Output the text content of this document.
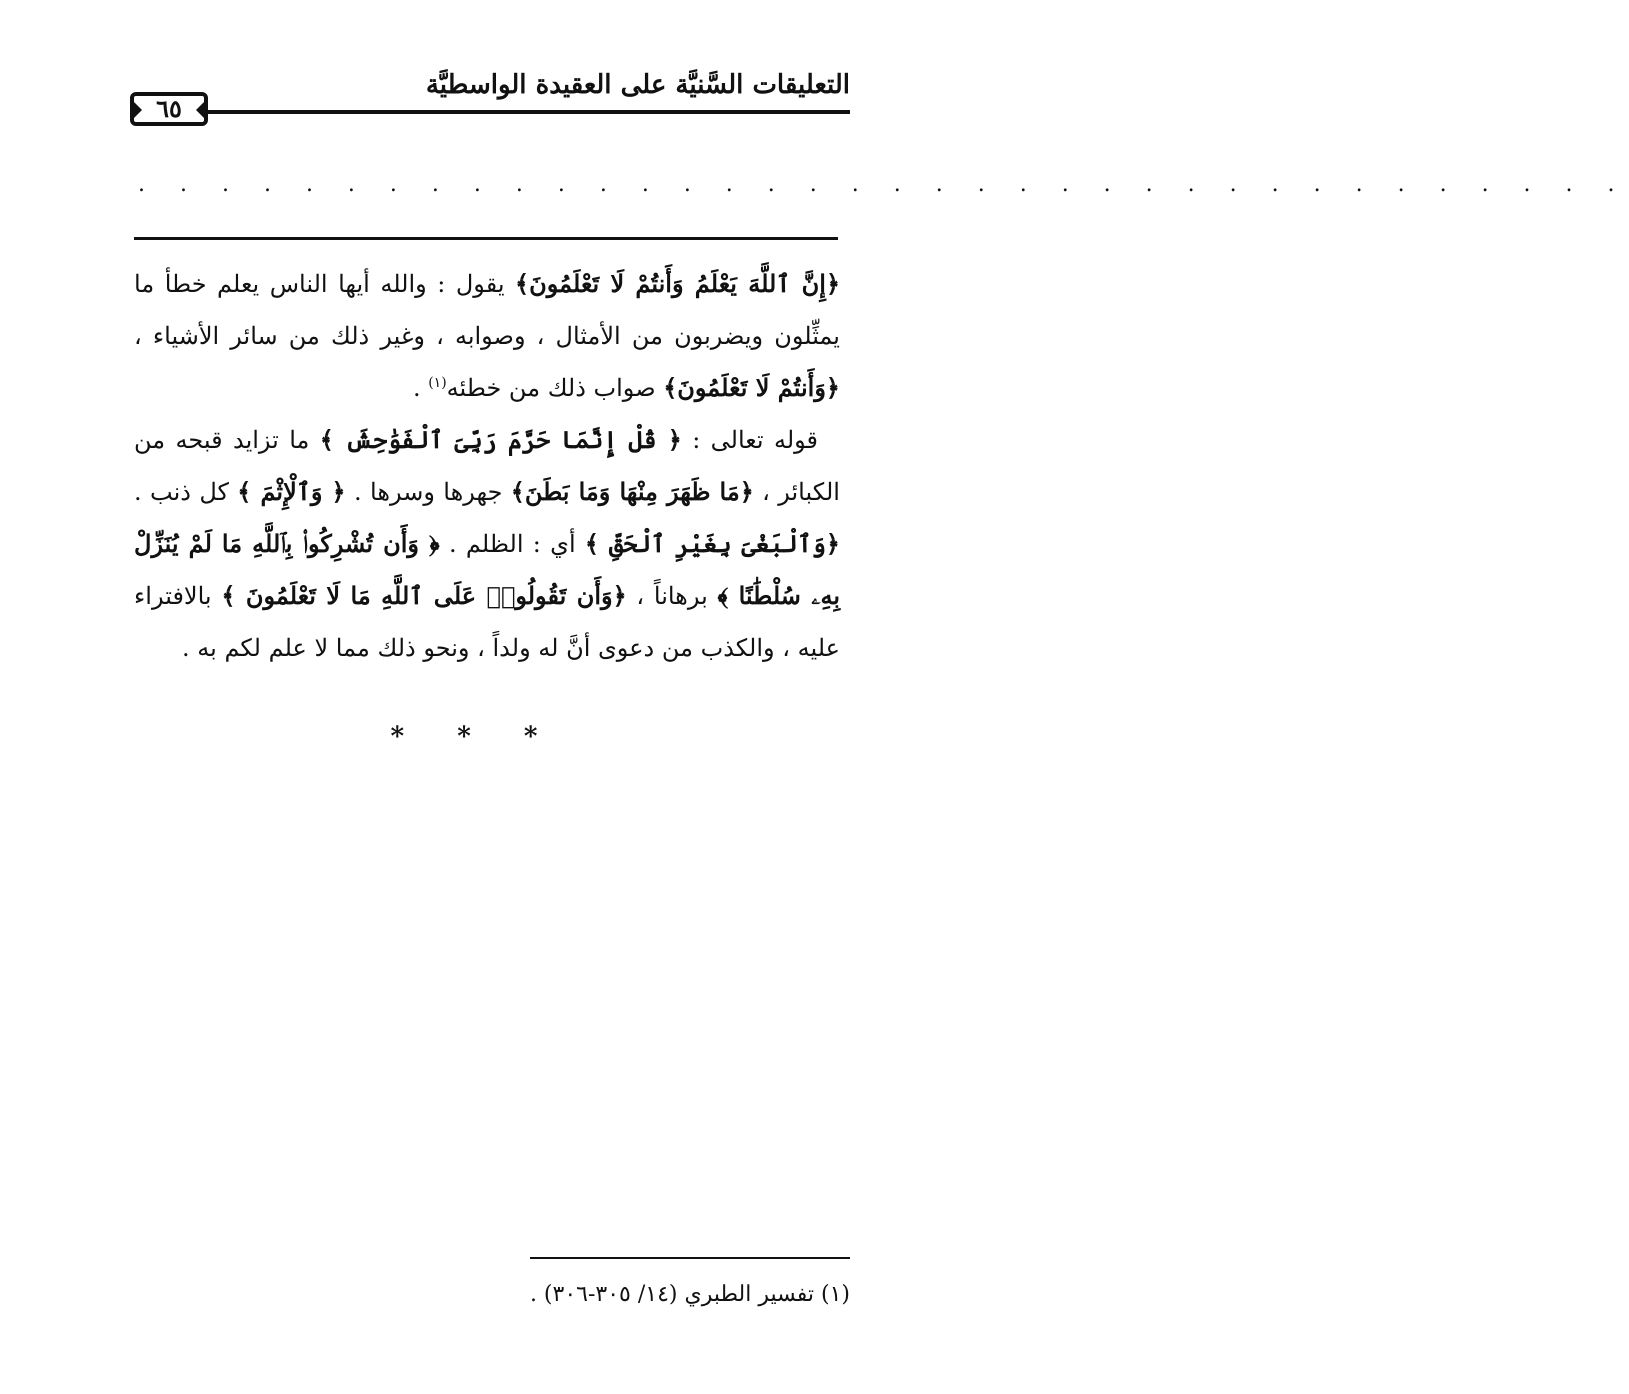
التعليقات السَّنيَّة على العقيدة الواسطيَّة
٦٥
. . . . . . . . . . . . . . . . . . . . . . . . . . . . . . . . . . . .

﴿إِنَّ ٱللَّهَ يَعْلَمُ وَأَنتُمْ لَا تَعْلَمُونَ﴾ يقول : والله أيها الناس يعلم خطأ ما يمثِّلون ويضربون من الأمثال ، وصوابه ، وغير ذلك من سائر الأشياء ، ﴿وَأَنتُمْ لَا تَعْلَمُونَ﴾ صواب ذلك من خطئه$^{(١)}$ .

قوله تعالى : ﴿ قُلْ إِنَّمَا حَرَّمَ رَبِّىَ ٱلْفَوَٰحِشَ ﴾ ما تزايد قبحه من الكبائر ، ﴿مَا ظَهَرَ مِنْهَا وَمَا بَطَنَ﴾ جهرها وسرها . ﴿ وَٱلْإِثْمَ ﴾ كل ذنب . ﴿وَٱلْبَغْىَ بِغَيْرِ ٱلْحَقِّ ﴾ أي : الظلم . ﴿ وَأَن تُشْرِكُوا۟ بِٱللَّهِ مَا لَمْ يُنَزِّلْ بِهِۦ سُلْطَٰنًا ﴾ برهاناً ، ﴿وَأَن تَقُولُوا۟ عَلَى ٱللَّهِ مَا لَا تَعْلَمُونَ ﴾ بالافتراء عليه ، والكذب من دعوى أنَّ له ولداً ، ونحو ذلك مما لا علم لكم به .

* * *
(١) تفسير الطبري (١٤/ ٣٠٥-٣٠٦) .
